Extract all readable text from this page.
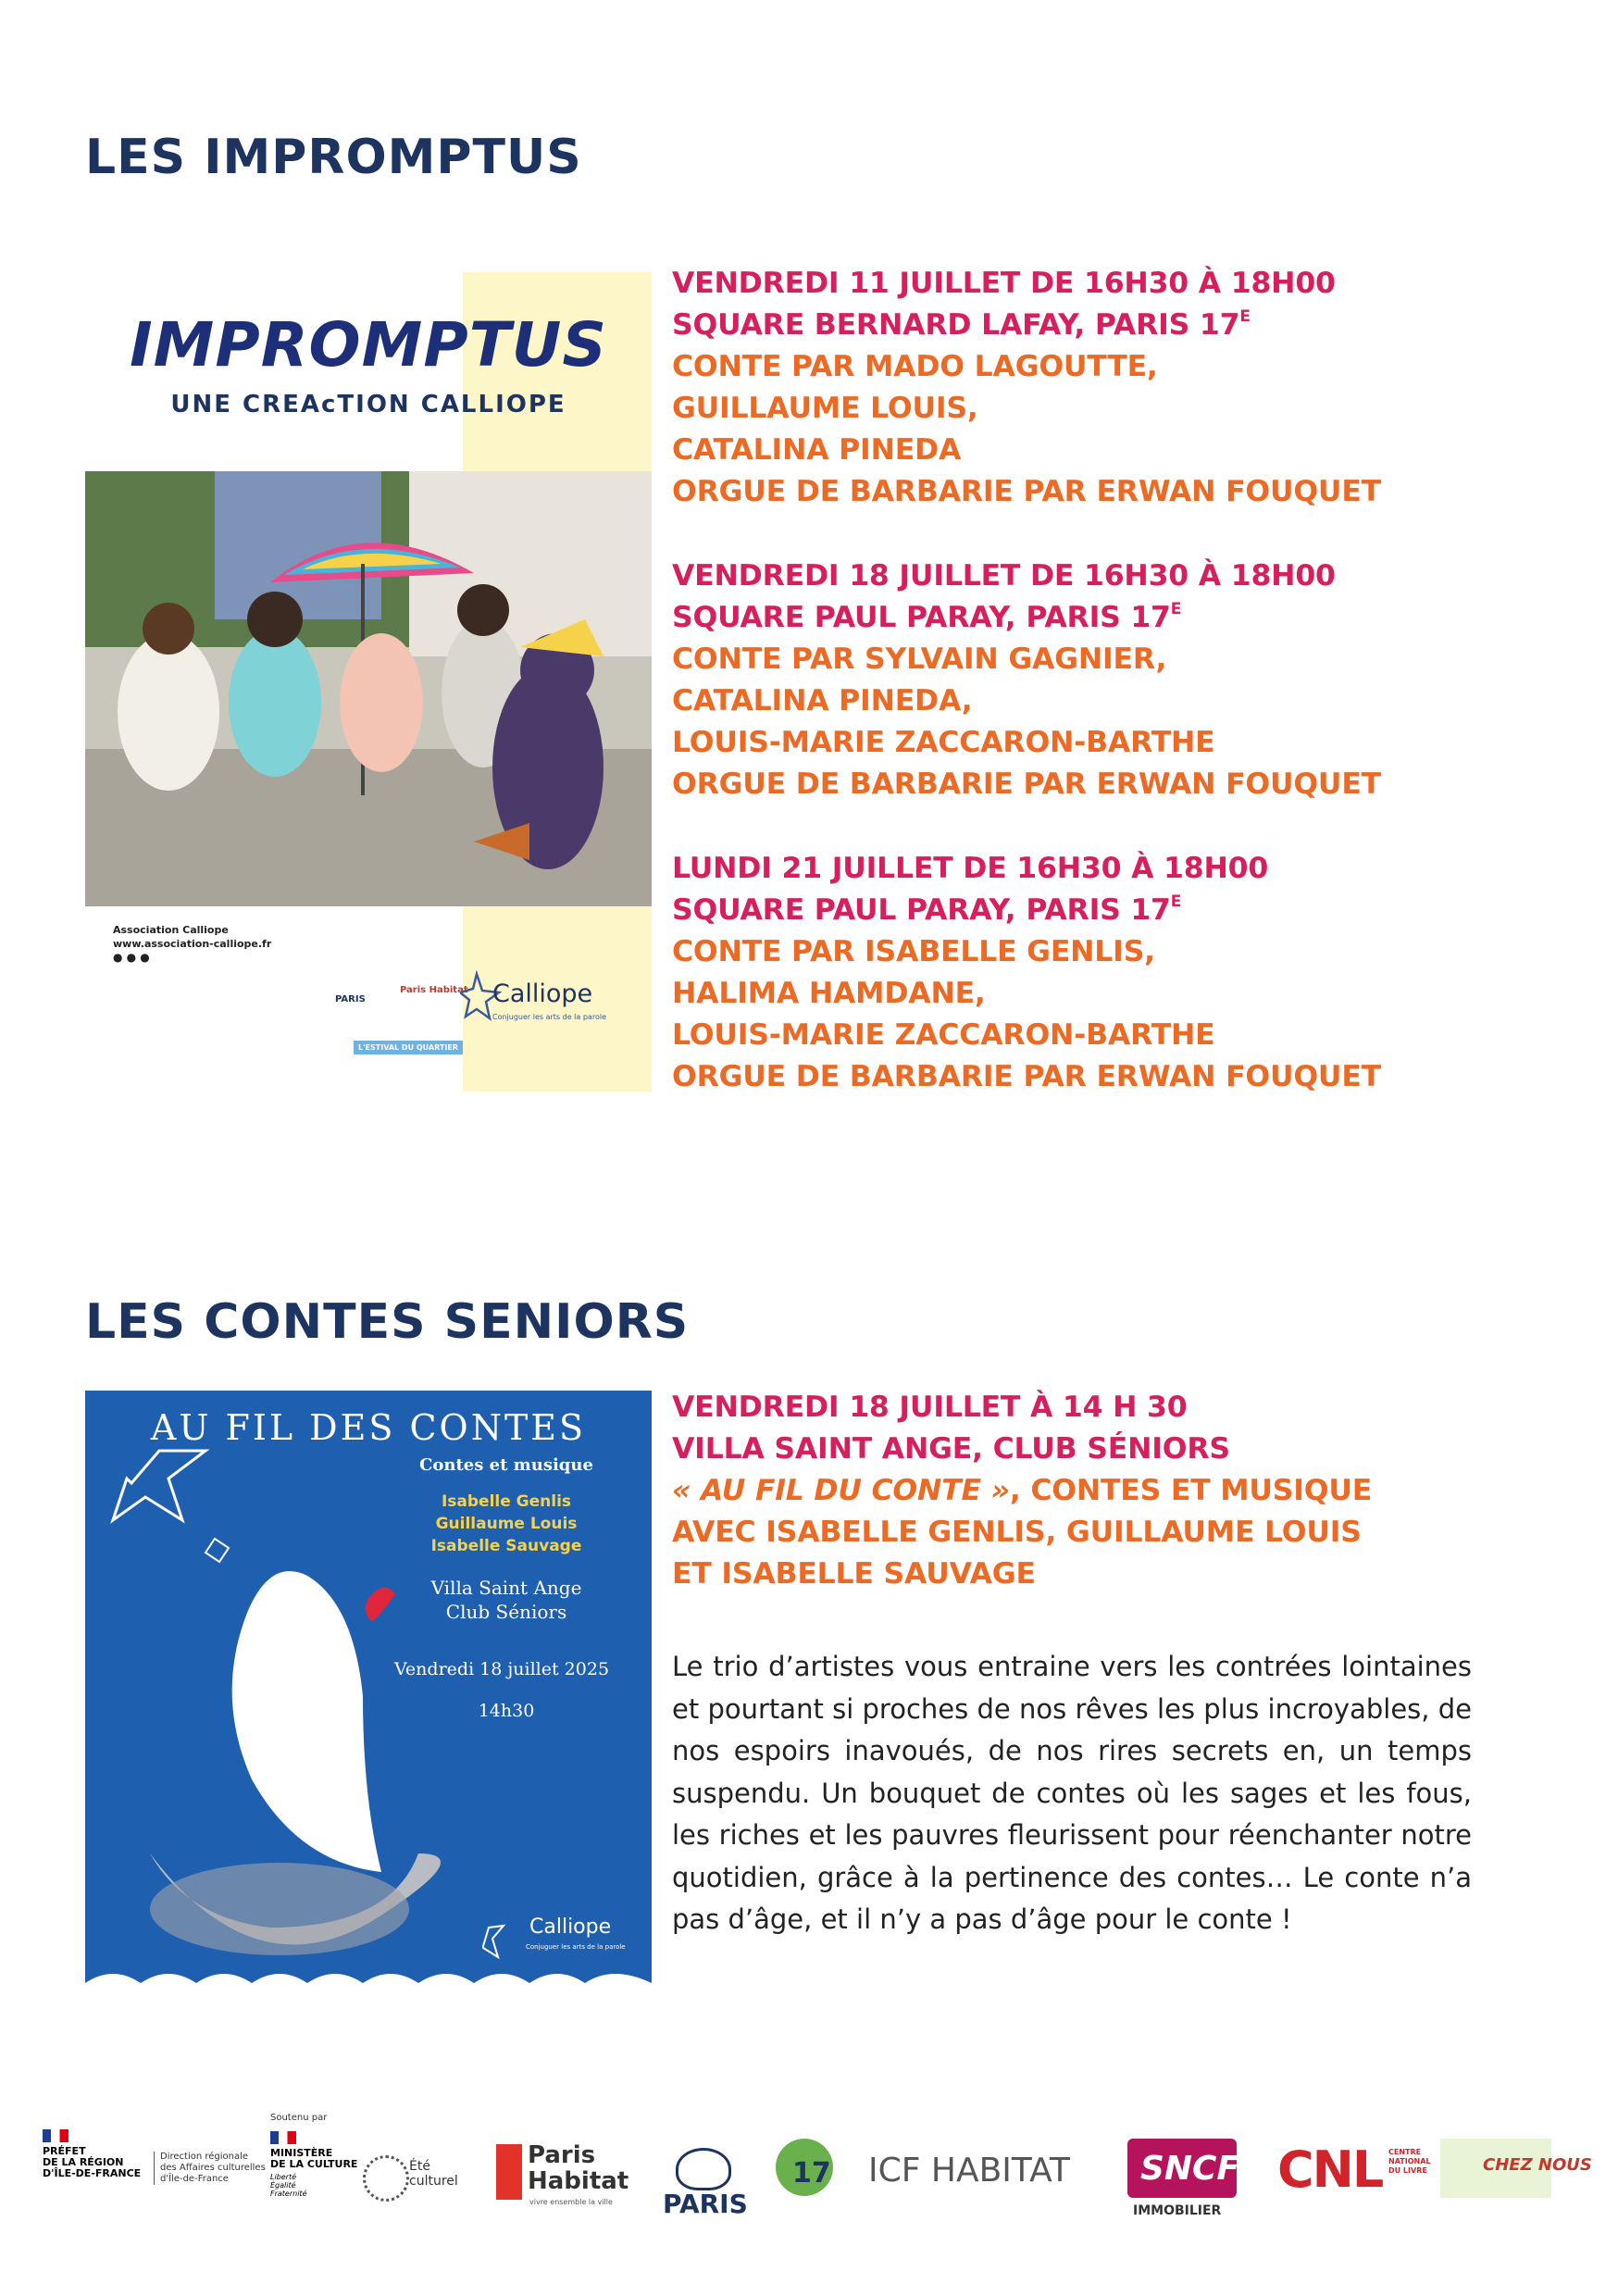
LES IMPROMPTUS
LES CONTES SENIORS
IMPROMPTUS
UNE CREAcTION CALLIOPE
Association Calliope
www.association-calliope.fr
● ● ●
PARIS
Paris Habitat
L'ESTIVAL DU QUARTIER
Calliope
Conjuguer les arts de la parole
VENDREDI 11 JUILLET DE 16H30 À 18H00
SQUARE BERNARD LAFAY, PARIS $17^E$
CONTE PAR MADO LAGOUTTE,
GUILLAUME LOUIS,
CATALINA PINEDA
ORGUE DE BARBARIE PAR ERWAN FOUQUET
VENDREDI 18 JUILLET DE 16H30 À 18H00
SQUARE PAUL PARAY, PARIS $17^E$
CONTE PAR SYLVAIN GAGNIER,
CATALINA PINEDA,
LOUIS-MARIE ZACCARON-BARTHE
ORGUE DE BARBARIE PAR ERWAN FOUQUET
LUNDI 21 JUILLET DE 16H30 À 18H00
SQUARE PAUL PARAY, PARIS $17^E$
CONTE PAR ISABELLE GENLIS,
HALIMA HAMDANE,
LOUIS-MARIE ZACCARON-BARTHE
ORGUE DE BARBARIE PAR ERWAN FOUQUET
AU FIL DES CONTES
Contes et musique
Isabelle Genlis
Guillaume Louis
Isabelle Sauvage
Villa Saint Ange
Club Séniors
Vendredi 18 juillet 2025
14h30
Calliope
Conjuguer les arts de la parole
VENDREDI 18 JUILLET À 14 H 30
VILLA SAINT ANGE, CLUB SÉNIORS
« AU FIL DU CONTE », CONTES ET MUSIQUE
AVEC ISABELLE GENLIS, GUILLAUME LOUIS
ET ISABELLE SAUVAGE

Le trio d’artistes vous entraine vers les contrées lointaines et pourtant si proches de nos rêves les plus incroyables, de nos espoirs inavoués, de nos rires secrets en, un temps suspendu. Un bouquet de contes où les sages et les fous, les riches et les pauvres fleurissent pour réenchanter notre quotidien, grâce à la pertinence des contes… Le conte n’a pas d’âge, et il n’y a pas d’âge pour le conte !

PRÉFET
DE LA RÉGION
D'ÎLE-DE-FRANCE
Direction régionale
des Affaires culturelles
d'Île-de-France
Soutenu par
MINISTÈRE
DE LA CULTURE
Liberté
Égalité
Fraternité
Été
culturel
Paris
Habitat
vivre ensemble la ville PARIS
17 ICF HABITAT SNCF
IMMOBILIER
CNL CENTRE
NATIONAL
DU LIVRE	CHEZ NOUS
